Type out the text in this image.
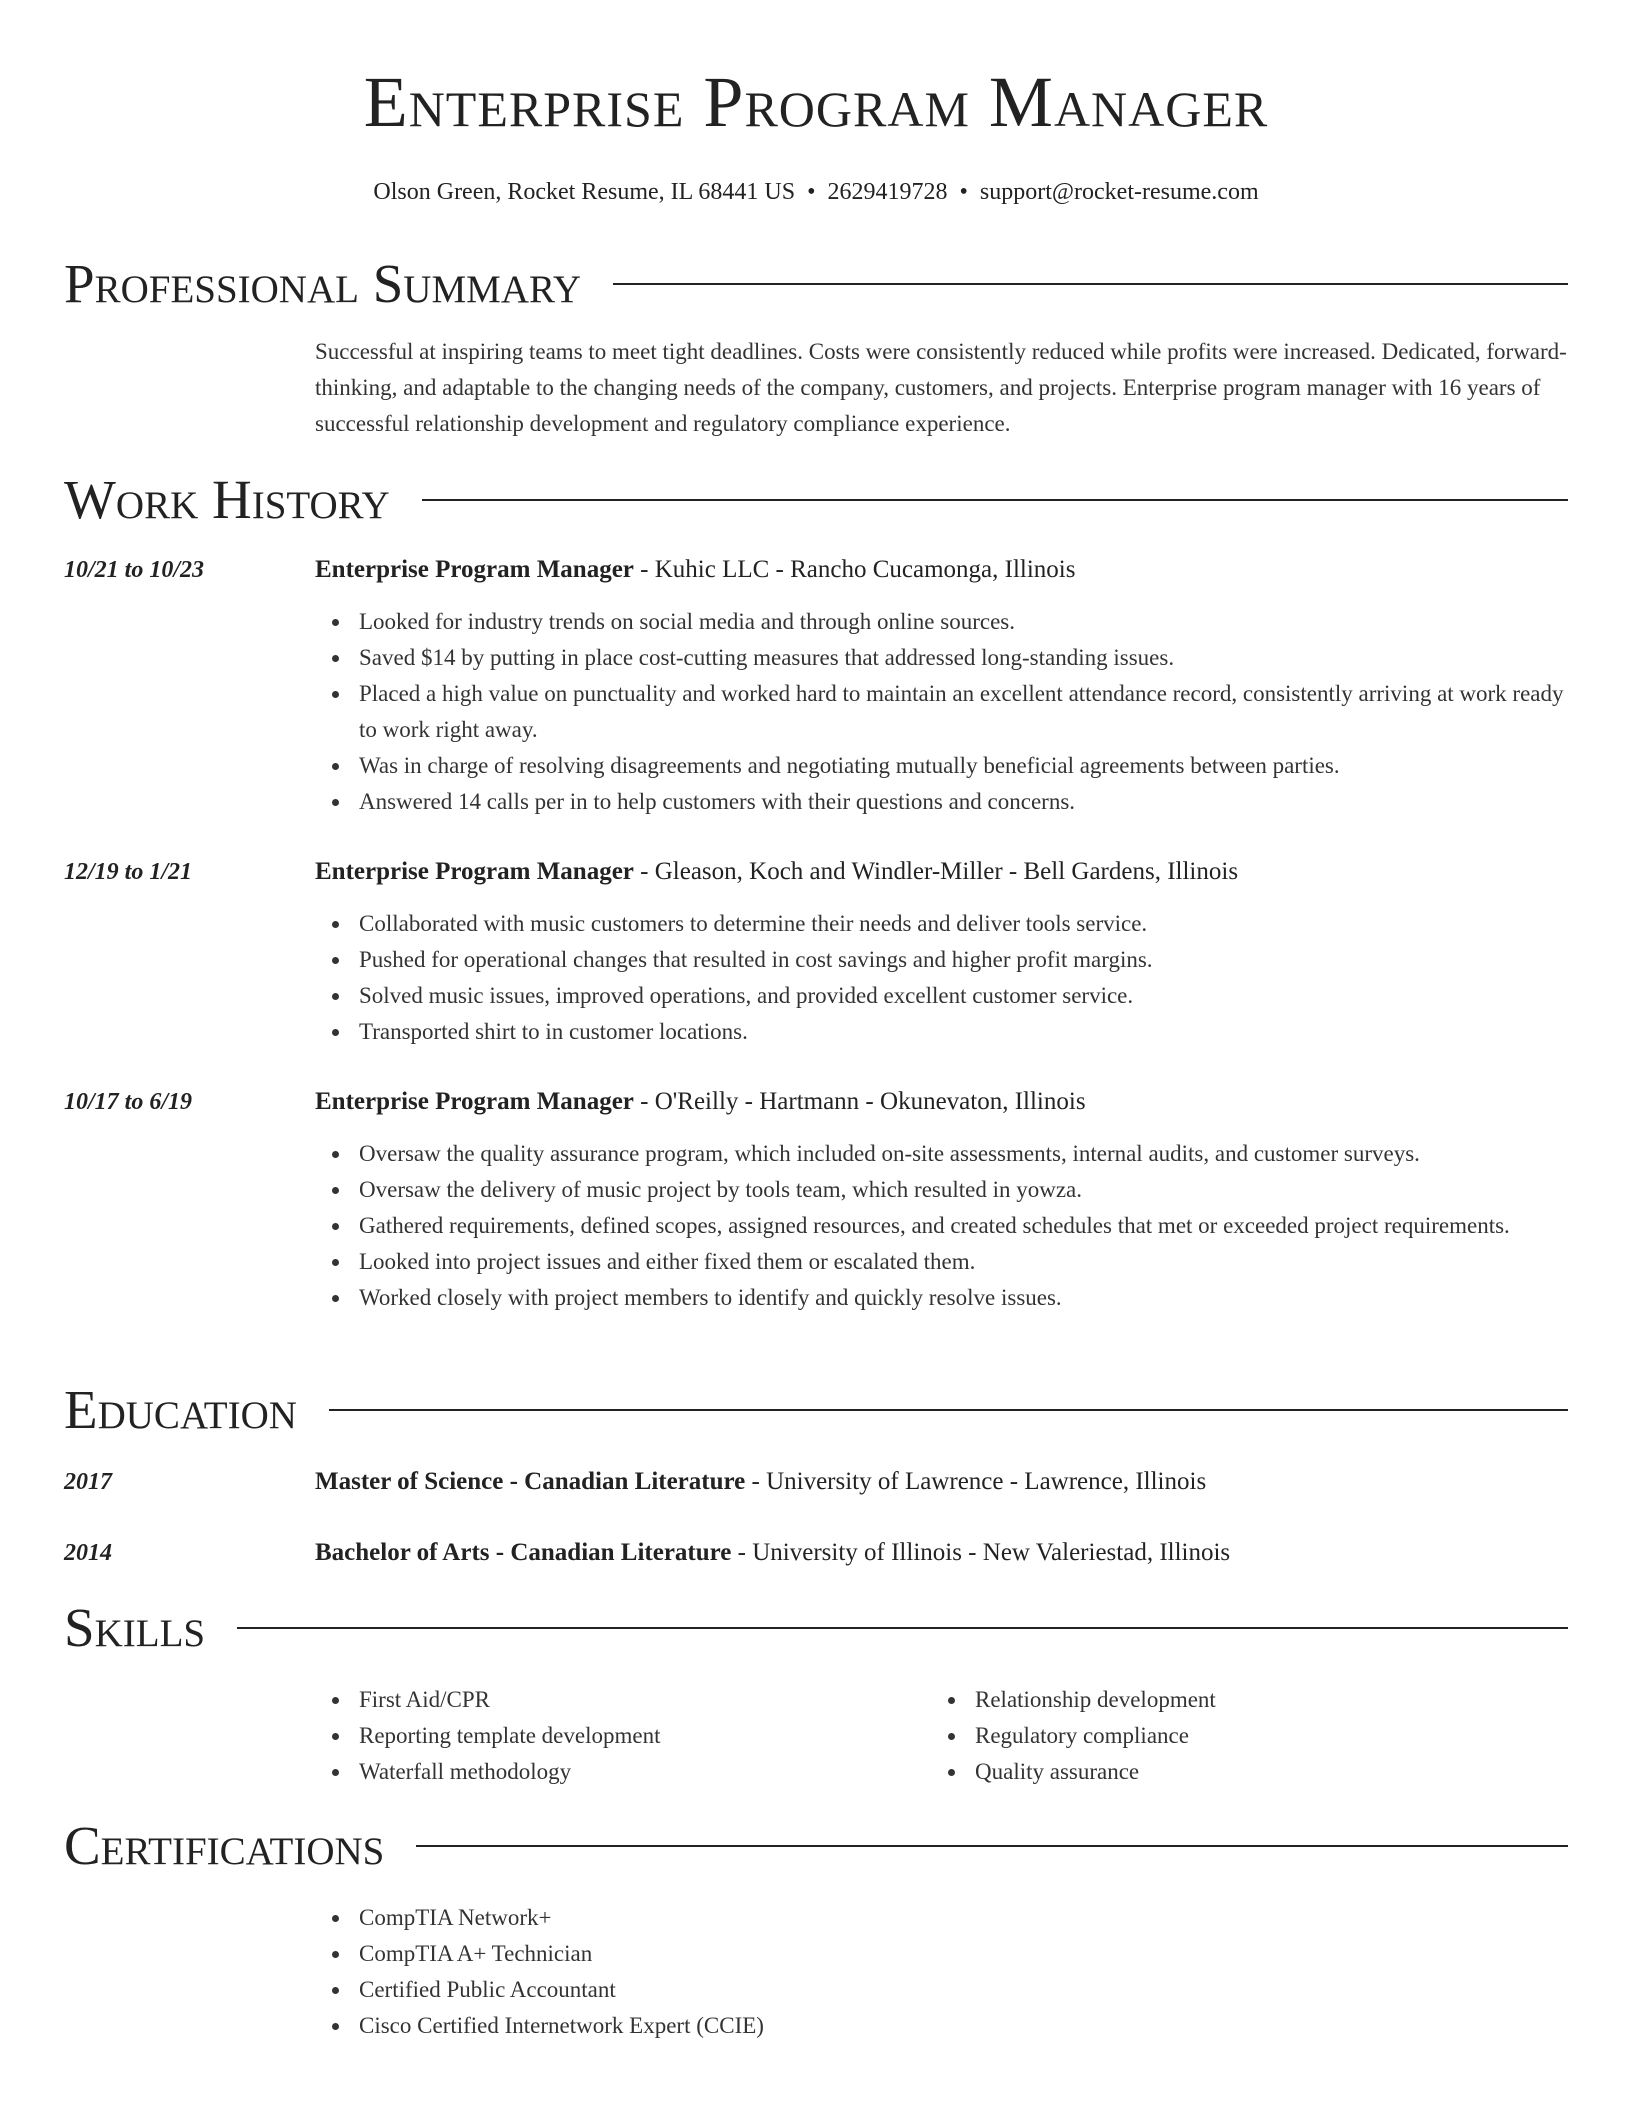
Enterprise Program Manager
Olson Green, Rocket Resume, IL 68441 US • 2629419728 • support@rocket-resume.com
Professional Summary
Successful at inspiring teams to meet tight deadlines. Costs were consistently reduced while profits were increased. Dedicated, forward-thinking, and adaptable to the changing needs of the company, customers, and projects. Enterprise program manager with 16 years of successful relationship development and regulatory compliance experience.
Work History
10/21 to 10/23	Enterprise Program Manager - Kuhic LLC - Rancho Cucamonga, Illinois
Looked for industry trends on social media and through online sources.
Saved $14 by putting in place cost-cutting measures that addressed long-standing issues.
Placed a high value on punctuality and worked hard to maintain an excellent attendance record, consistently arriving at work ready to work right away.
Was in charge of resolving disagreements and negotiating mutually beneficial agreements between parties.
Answered 14 calls per in to help customers with their questions and concerns.
12/19 to 1/21	Enterprise Program Manager - Gleason, Koch and Windler-Miller - Bell Gardens, Illinois
Collaborated with music customers to determine their needs and deliver tools service.
Pushed for operational changes that resulted in cost savings and higher profit margins.
Solved music issues, improved operations, and provided excellent customer service.
Transported shirt to in customer locations.
10/17 to 6/19	Enterprise Program Manager - O'Reilly - Hartmann - Okunevaton, Illinois
Oversaw the quality assurance program, which included on-site assessments, internal audits, and customer surveys.
Oversaw the delivery of music project by tools team, which resulted in yowza.
Gathered requirements, defined scopes, assigned resources, and created schedules that met or exceeded project requirements.
Looked into project issues and either fixed them or escalated them.
Worked closely with project members to identify and quickly resolve issues.
Education
2017	Master of Science - Canadian Literature - University of Lawrence - Lawrence, Illinois
2014	Bachelor of Arts - Canadian Literature - University of Illinois - New Valeriestad, Illinois
Skills
First Aid/CPR
Reporting template development
Waterfall methodology
Relationship development
Regulatory compliance
Quality assurance
Certifications
CompTIA Network+
CompTIA A+ Technician
Certified Public Accountant
Cisco Certified Internetwork Expert (CCIE)
